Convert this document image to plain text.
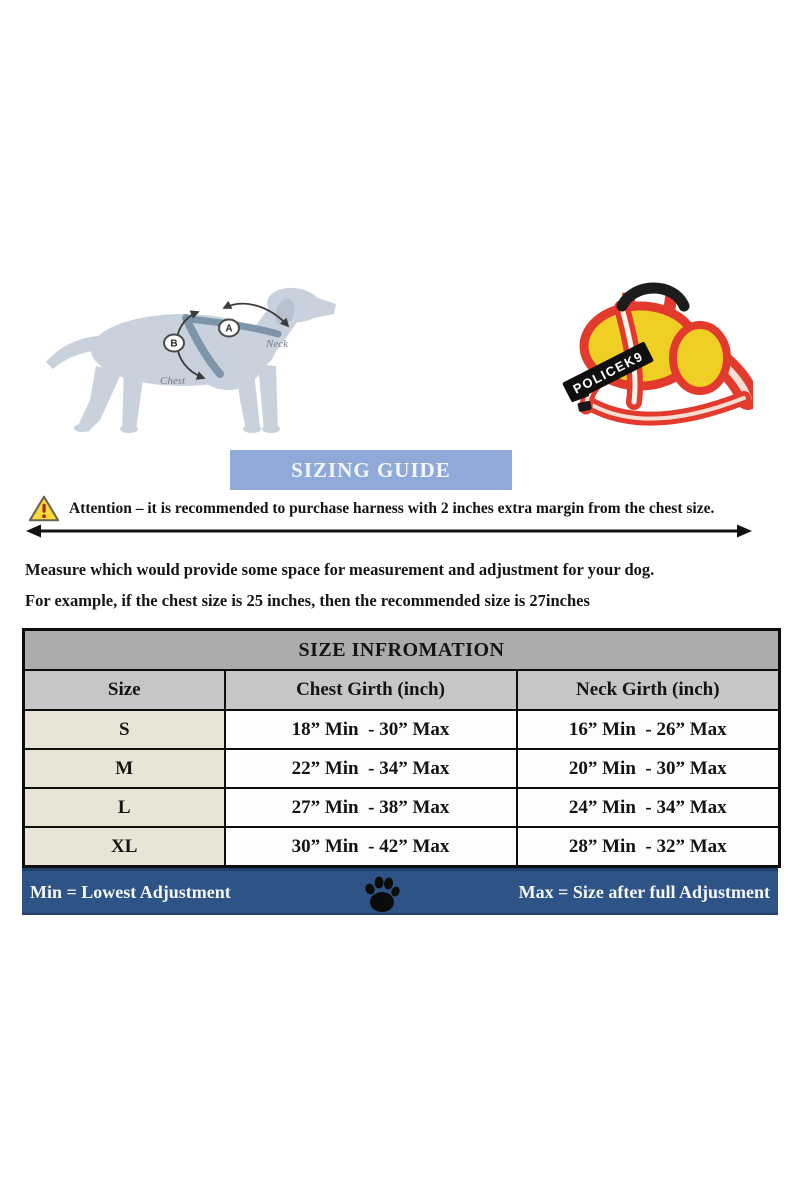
A
B	Neck
Chest	POLICEK9
SIZING GUIDE
Attention – it is recommended to purchase harness with 2 inches extra margin from the chest size.

Measure which would provide some space for measurement and adjustment for your dog.

For example, if the chest size is 25 inches, then the recommended size is 27inches

SIZE INFROMATION		
Size	Chest Girth (inch)	Neck Girth (inch)
S	18” Min  - 30” Max	16” Min  - 26” Max
M	22” Min  - 34” Max	20” Min  - 30” Max
L	27” Min  - 38” Max	24” Min  - 34” Max
XL	30” Min  - 42” Max	28” Min  - 32” Max
Min = Lowest Adjustment	Max = Size after full Adjustment
